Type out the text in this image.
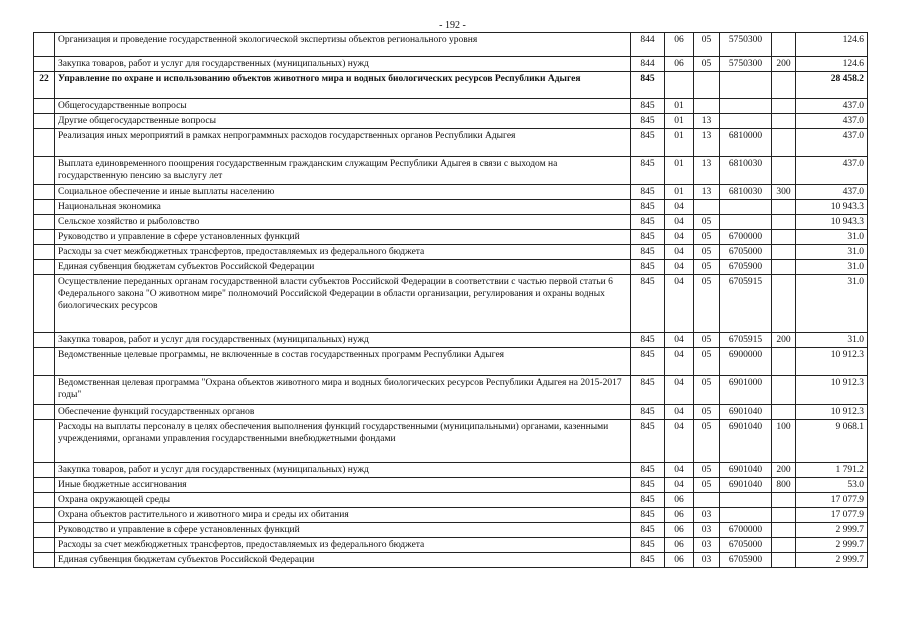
- 192 -
	Организация и проведение государственной экологической экспертизы объектов регионального уровня	844	06	05	5750300		124.6
	Закупка товаров, работ и услуг для государственных (муниципальных) нужд	844	06	05	5750300	200	124.6
22	Управление по охране и использованию объектов животного мира и водных биологических ресурсов Республики Адыгея	845					28 458.2
	Общегосударственные вопросы	845	01				437.0
	Другие общегосударственные вопросы	845	01	13			437.0
	Реализация иных мероприятий в рамках непрограммных расходов государственных органов Республики Адыгея	845	01	13	6810000		437.0
	Выплата единовременного поощрения государственным гражданским служащим Республики Адыгея в связи с выходом на государственную пенсию за выслугу лет	845	01	13	6810030		437.0
	Социальное обеспечение и иные выплаты населению	845	01	13	6810030	300	437.0
	Национальная экономика	845	04				10 943.3
	Сельское хозяйство и рыболовство	845	04	05			10 943.3
	Руководство и управление в сфере установленных функций	845	04	05	6700000		31.0
	Расходы за счет межбюджетных трансфертов, предоставляемых из федерального бюджета	845	04	05	6705000		31.0
	Единая субвенция бюджетам субъектов Российской Федерации	845	04	05	6705900		31.0
	Осуществление переданных органам государственной власти субъектов Российской Федерации в соответствии с частью первой статьи 6 Федерального закона "О животном мире" полномочий Российской Федерации в области организации, регулирования и охраны водных биологических ресурсов	845	04	05	6705915		31.0
	Закупка товаров, работ и услуг для государственных (муниципальных) нужд	845	04	05	6705915	200	31.0
	Ведомственные целевые программы, не включенные в состав государственных программ Республики Адыгея	845	04	05	6900000		10 912.3
	Ведомственная целевая программа "Охрана объектов животного мира и водных биологических ресурсов Республики Адыгея на 2015-2017 годы"	845	04	05	6901000		10 912.3
	Обеспечение функций государственных органов	845	04	05	6901040		10 912.3
	Расходы на выплаты персоналу в целях обеспечения выполнения функций государственными (муниципальными) органами, казенными учреждениями, органами управления государственными внебюджетными фондами	845	04	05	6901040	100	9 068.1
	Закупка товаров, работ и услуг для государственных (муниципальных) нужд	845	04	05	6901040	200	1 791.2
	Иные бюджетные ассигнования	845	04	05	6901040	800	53.0
	Охрана окружающей среды	845	06				17 077.9
	Охрана объектов растительного и животного мира и среды их обитания	845	06	03			17 077.9
	Руководство и управление в сфере установленных функций	845	06	03	6700000		2 999.7
	Расходы за счет межбюджетных трансфертов, предоставляемых из федерального бюджета	845	06	03	6705000		2 999.7
	Единая субвенция бюджетам субъектов Российской Федерации	845	06	03	6705900		2 999.7
